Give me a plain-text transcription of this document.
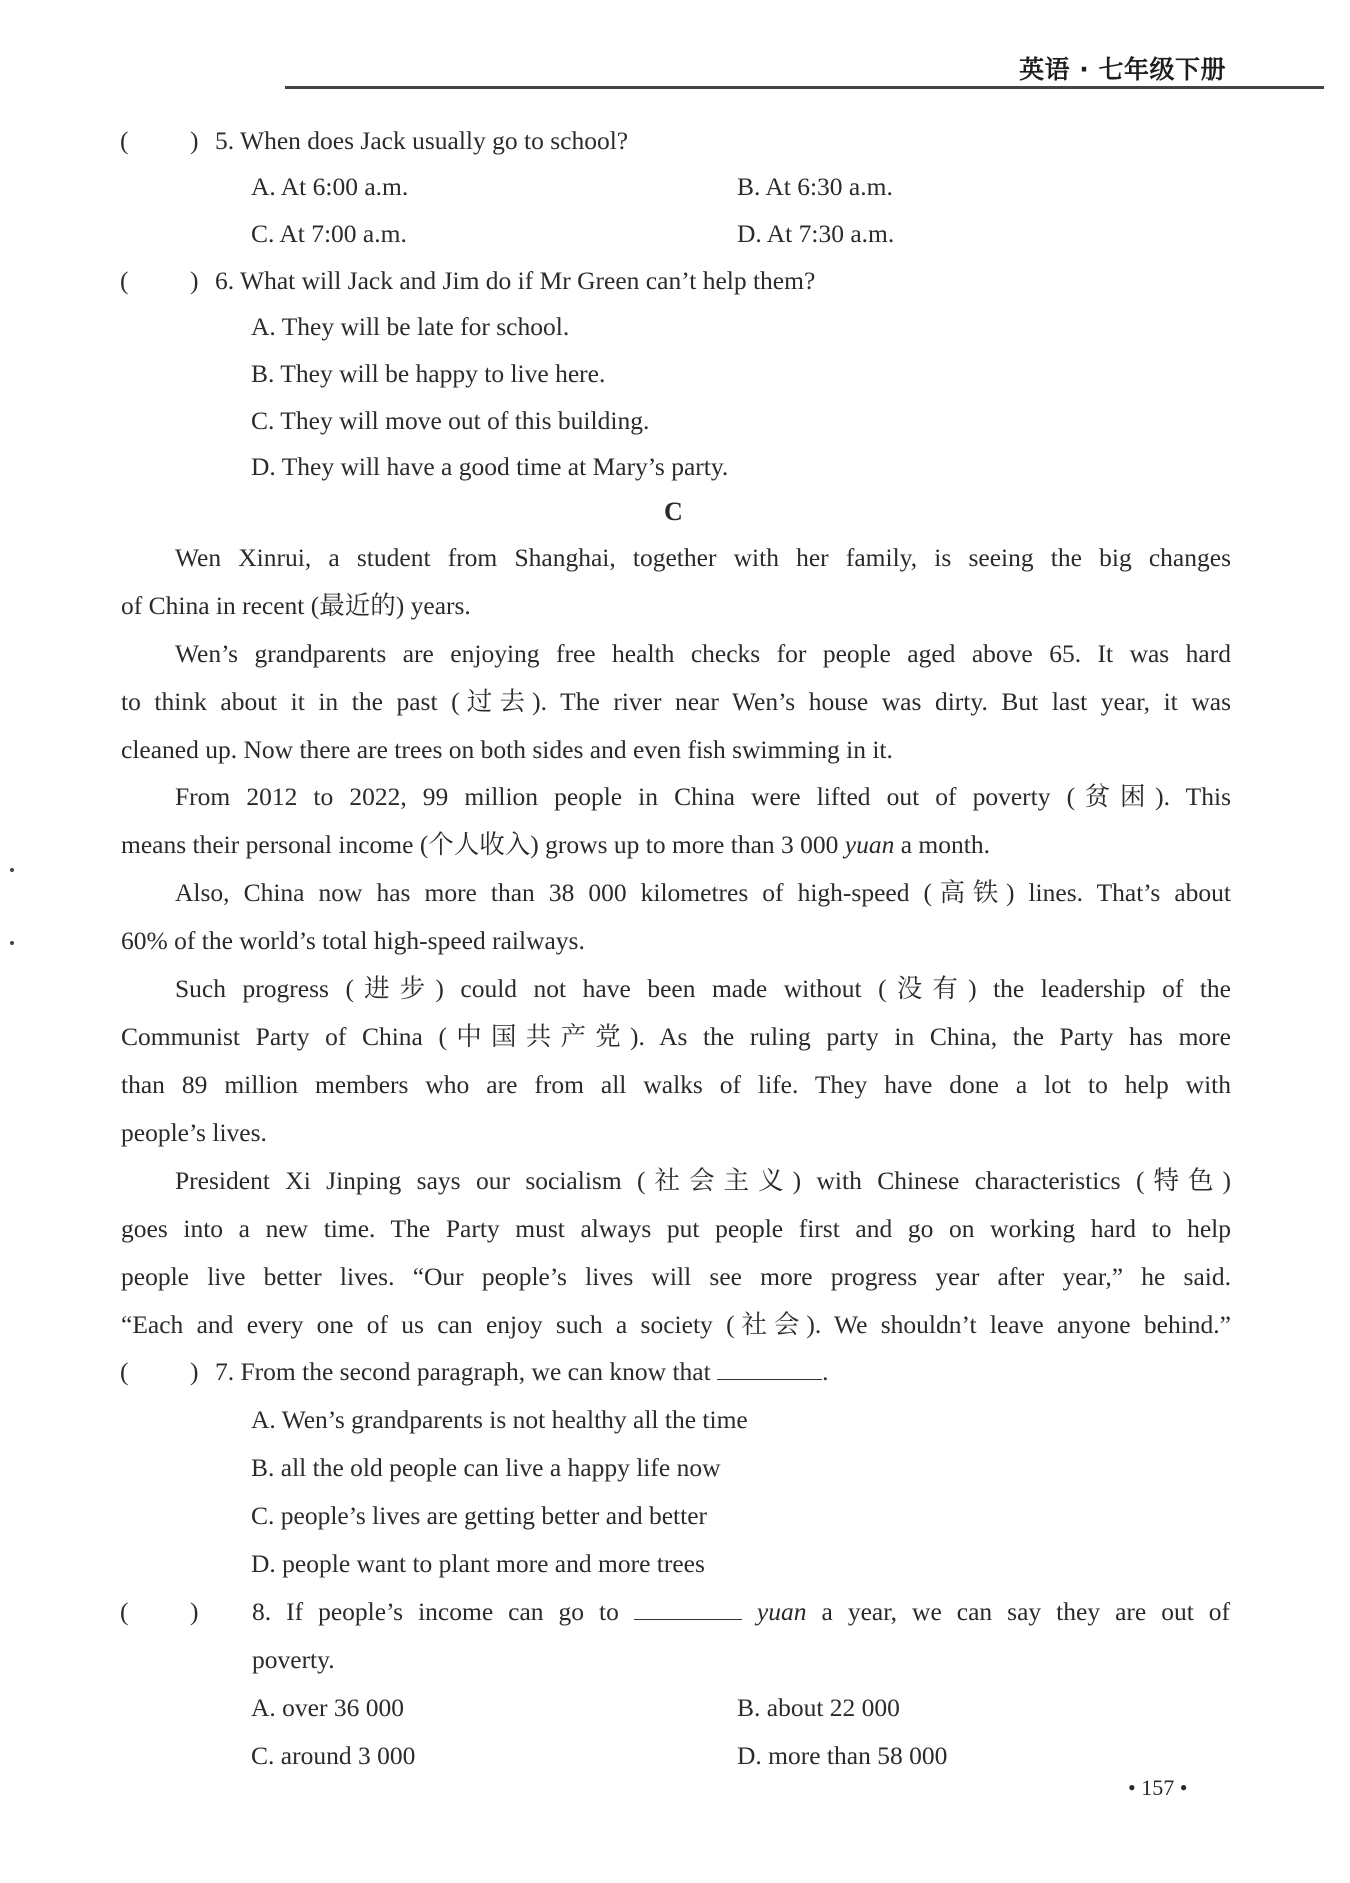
英语 · 七年级下册
( ) 5. When does Jack usually go to school?
A. At 6:00 a.m.	B. At 6:30 a.m.
C. At 7:00 a.m.	D. At 7:30 a.m.
( ) 6. What will Jack and Jim do if Mr Green can’t help them?
A. They will be late for school.
B. They will be happy to live here.
C. They will move out of this building.
D. They will have a good time at Mary’s party.
C
Wen Xinrui, a student from Shanghai, together with her family, is seeing the big changes
of China in recent (最近的) years.
Wen’s grandparents are enjoying free health checks for people aged above 65. It was hard
to think about it in the past (过去). The river near Wen’s house was dirty. But last year, it was
cleaned up. Now there are trees on both sides and even fish swimming in it.
From 2012 to 2022, 99 million people in China were lifted out of poverty (贫困). This
means their personal income (个人收入) grows up to more than 3 000 yuan a month.
Also, China now has more than 38 000 kilometres of high-speed (高铁) lines. That’s about
60% of the world’s total high-speed railways.
Such progress (进步) could not have been made without (没有) the leadership of the
Communist Party of China (中国共产党). As the ruling party in China, the Party has more
than 89 million members who are from all walks of life. They have done a lot to help with
people’s lives.
President Xi Jinping says our socialism (社会主义) with Chinese characteristics (特色)
goes into a new time. The Party must always put people first and go on working hard to help
people live better lives. “Our people’s lives will see more progress year after year,” he said.
“Each and every one of us can enjoy such a society (社会). We shouldn’t leave anyone behind.”
( ) 7. From the second paragraph, we can know that	.
A. Wen’s grandparents is not healthy all the time
B. all the old people can live a happy life now
C. people’s lives are getting better and better
D. people want to plant more and more trees
( ) 8. If people’s income can go to	yuan a year, we can say they are out of
poverty.
A. over 36 000	B. about 22 000
C. around 3 000	D. more than 58 000
• 157 •
